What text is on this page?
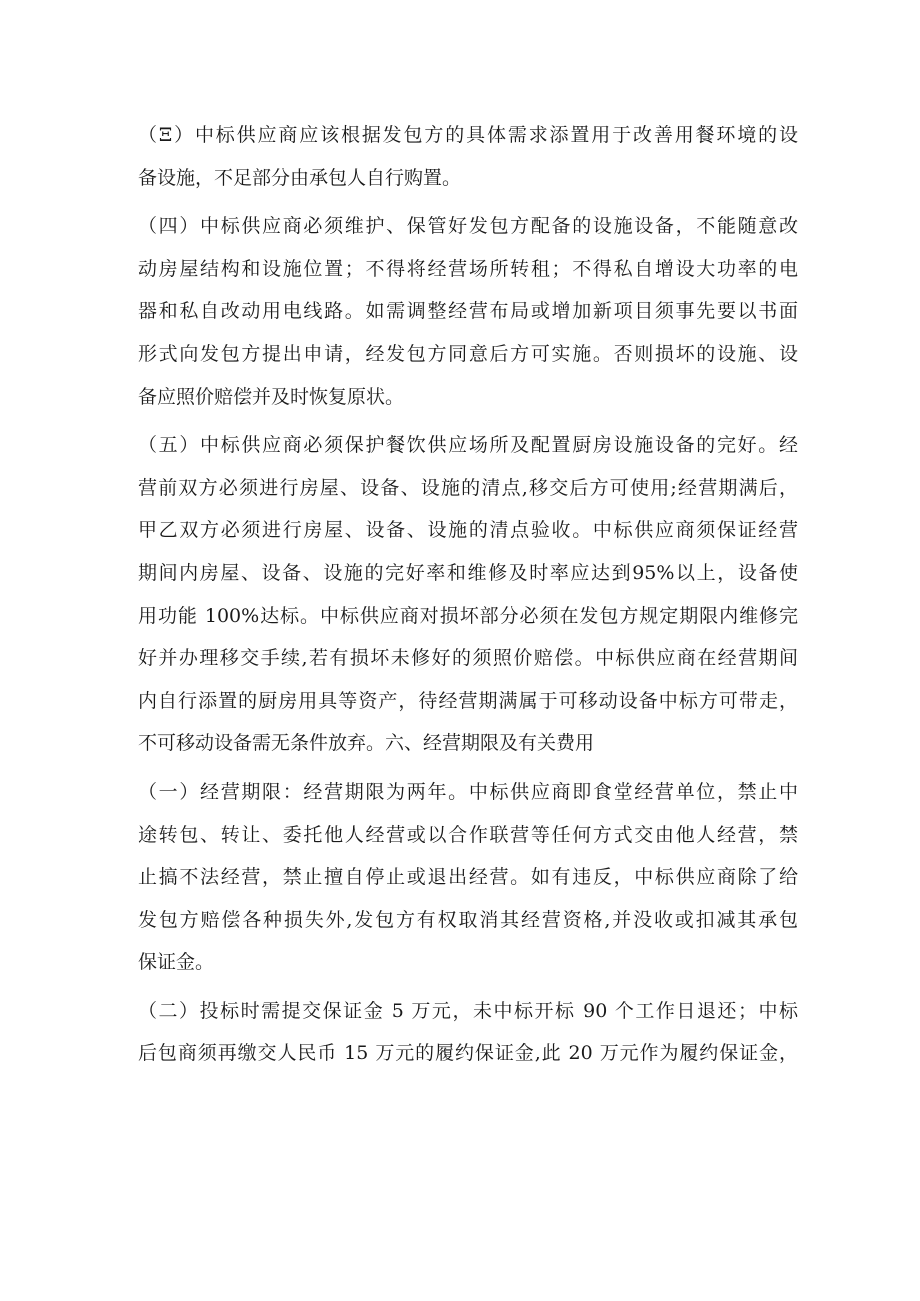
（Ξ）中标供应商应该根据发包方的具体需求添置用于改善用餐环境的设
备设施，不足部分由承包人自行购置。
（四）中标供应商必须维护、保管好发包方配备的设施设备，不能随意改
动房屋结构和设施位置；不得将经营场所转租；不得私自增设大功率的电
器和私自改动用电线路。如需调整经营布局或增加新项目须事先要以书面
形式向发包方提出申请，经发包方同意后方可实施。否则损坏的设施、设
备应照价赔偿并及时恢复原状。
（五）中标供应商必须保护餐饮供应场所及配置厨房设施设备的完好。经
营前双方必须进行房屋、设备、设施的清点,移交后方可使用;经营期满后，
甲乙双方必须进行房屋、设备、设施的清点验收。中标供应商须保证经营
期间内房屋、设备、设施的完好率和维修及时率应达到95%以上，设备使
用功能 100%达标。中标供应商对损坏部分必须在发包方规定期限内维修完
好并办理移交手续,若有损坏未修好的须照价赔偿。中标供应商在经营期间
内自行添置的厨房用具等资产，待经营期满属于可移动设备中标方可带走，
不可移动设备需无条件放弃。六、经营期限及有关费用
（一）经营期限：经营期限为两年。中标供应商即食堂经营单位，禁止中
途转包、转让、委托他人经营或以合作联营等任何方式交由他人经营，禁
止搞不法经营，禁止擅自停止或退出经营。如有违反，中标供应商除了给
发包方赔偿各种损失外,发包方有权取消其经营资格,并没收或扣减其承包
保证金。
（二）投标时需提交保证金 5 万元，未中标开标 90 个工作日退还；中标
后包商须再缴交人民币 15 万元的履约保证金,此 20 万元作为履约保证金，
